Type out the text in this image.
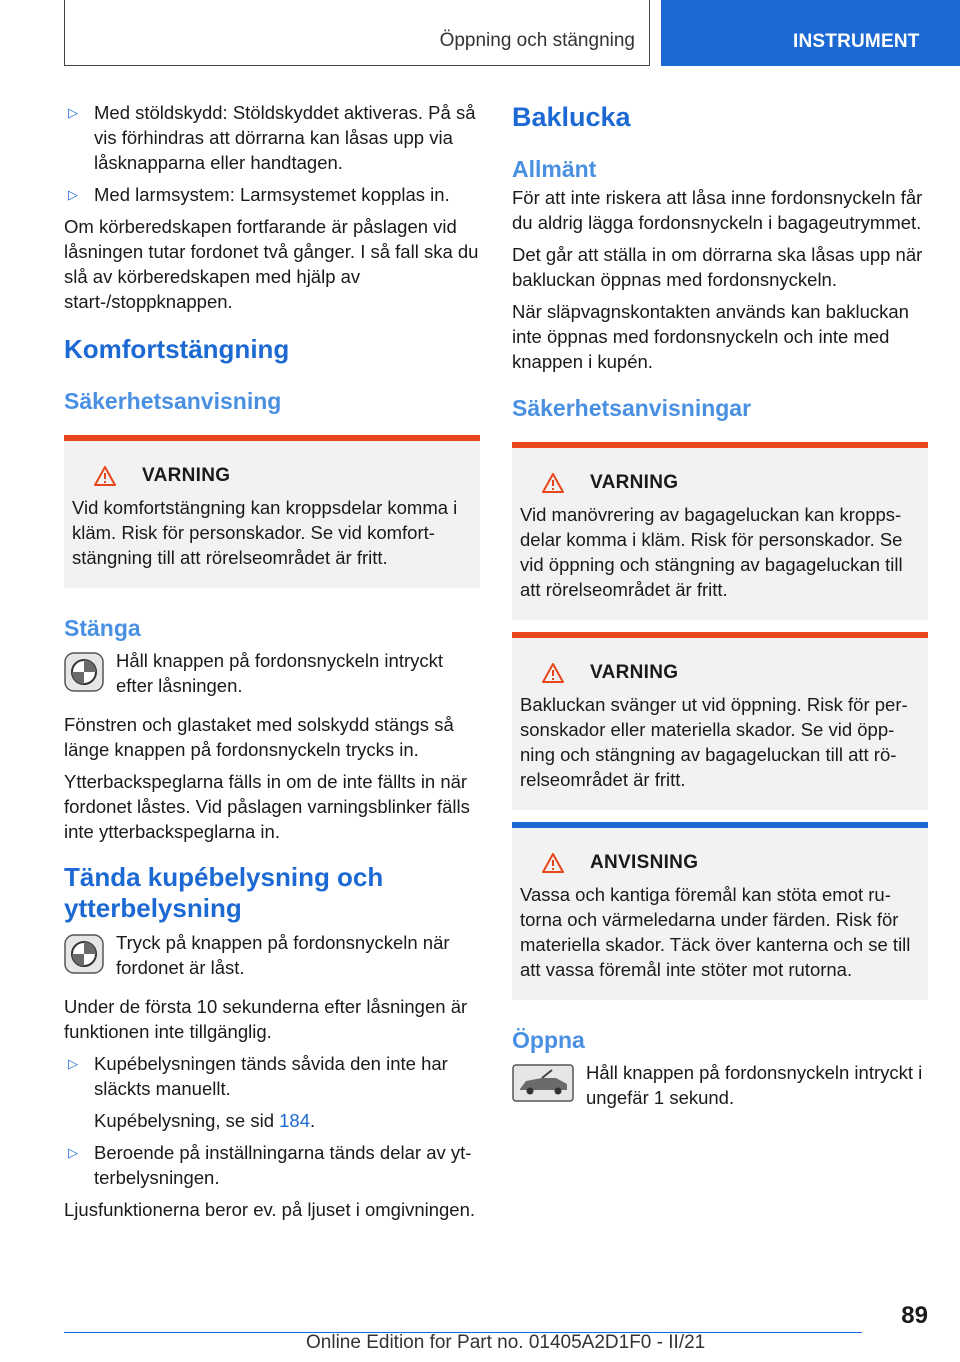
Öppning och stängning	INSTRUMENT
▷ Med stöldskydd: Stöldskyddet aktiveras. På så vis förhindras att dörrarna kan låsas upp via låsknapparna eller handtagen.
▷ Med larmsystem: Larmsystemet kopplas in.

Om körberedskapen fortfarande är påslagen vid låsningen tutar fordonet två gånger. I så fall ska du slå av körberedskapen med hjälp av start-/stoppknappen.

Komfortstängning
Säkerhetsanvisning
VARNING

Vid komfortstängning kan kroppsdelar komma i kläm. Risk för personskador. Se vid komfortstängning till att rörelseområdet är fritt.

Stänga
Håll knappen på fordonsnyckeln intryckt efter låsningen.

Fönstren och glastaket med solskydd stängs så länge knappen på fordonsnyckeln trycks in.

Ytterbackspeglarna fälls in om de inte fällts in när fordonet låstes. Vid påslagen varningsblinker fälls inte ytterbackspeglarna in.

Tända kupébelysning och ytterbelysning
Tryck på knappen på fordonsnyckeln när fordonet är låst.

Under de första 10 sekunderna efter låsningen är funktionen inte tillgänglig.

▷ Kupébelysningen tänds såvida den inte har släckts manuellt.
Kupébelysning, se sid 184.
▷ Beroende på inställningarna tänds delar av ytterbelysningen.

Ljusfunktionerna beror ev. på ljuset i omgivningen.

Baklucka
Allmänt

För att inte riskera att låsa inne fordonsnyckeln får du aldrig lägga fordonsnyckeln i bagageutrymmet.

Det går att ställa in om dörrarna ska låsas upp när bakluckan öppnas med fordonsnyckeln.

När släpvagnskontakten används kan bakluckan inte öppnas med fordonsnyckeln och inte med knappen i kupén.

Säkerhetsanvisningar
VARNING

Vid manövrering av bagageluckan kan kroppsdelar komma i kläm. Risk för personskador. Se vid öppning och stängning av bagageluckan till att rörelseområdet är fritt.

VARNING

Bakluckan svänger ut vid öppning. Risk för personskador eller materiella skador. Se vid öppning och stängning av bagageluckan till att rörelseområdet är fritt.

ANVISNING

Vassa och kantiga föremål kan stöta emot rutorna och värmeledarna under färden. Risk för materiella skador. Täck över kanterna och se till att vassa föremål inte stöter mot rutorna.

Öppna
Håll knappen på fordonsnyckeln intryckt i ungefär 1 sekund.
89
Online Edition for Part no. 01405A2D1F0 - II/21
